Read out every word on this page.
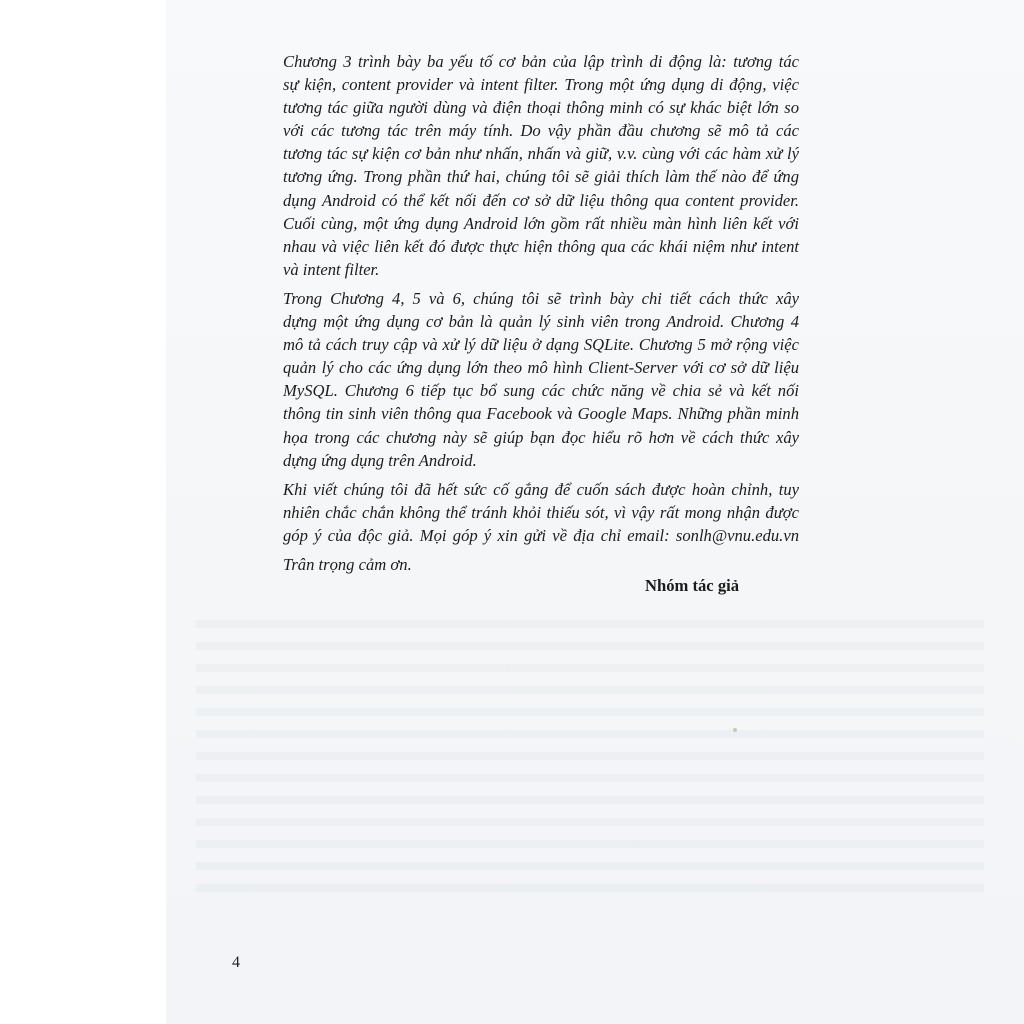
Chương 3 trình bày ba yếu tố cơ bản của lập trình di động là: tương tác
sự kiện, content provider và intent filter. Trong một ứng dụng di động, việc
tương tác giữa người dùng và điện thoại thông minh có sự khác biệt lớn so
với các tương tác trên máy tính. Do vậy phần đầu chương sẽ mô tả các
tương tác sự kiện cơ bản như nhấn, nhấn và giữ, v.v. cùng với các hàm xử lý
tương ứng. Trong phần thứ hai, chúng tôi sẽ giải thích làm thế nào để ứng
dụng Android có thể kết nối đến cơ sở dữ liệu thông qua content provider.
Cuối cùng, một ứng dụng Android lớn gồm rất nhiều màn hình liên kết với
nhau và việc liên kết đó được thực hiện thông qua các khái niệm như intent
và intent filter.
Trong Chương 4, 5 và 6, chúng tôi sẽ trình bày chi tiết cách thức xây
dựng một ứng dụng cơ bản là quản lý sinh viên trong Android. Chương 4
mô tả cách truy cập và xử lý dữ liệu ở dạng SQLite. Chương 5 mở rộng việc
quản lý cho các ứng dụng lớn theo mô hình Client-Server với cơ sở dữ liệu
MySQL. Chương 6 tiếp tục bổ sung các chức năng về chia sẻ và kết nối
thông tin sinh viên thông qua Facebook và Google Maps. Những phần minh
họa trong các chương này sẽ giúp bạn đọc hiểu rõ hơn về cách thức xây
dựng ứng dụng trên Android.
Khi viết chúng tôi đã hết sức cố gắng để cuốn sách được hoàn chỉnh, tuy
nhiên chắc chắn không thể tránh khỏi thiếu sót, vì vậy rất mong nhận được
góp ý của độc giả. Mọi góp ý xin gửi về địa chỉ email: sonlh@vnu.edu.vn
Trân trọng cảm ơn.
Nhóm tác giả
4
